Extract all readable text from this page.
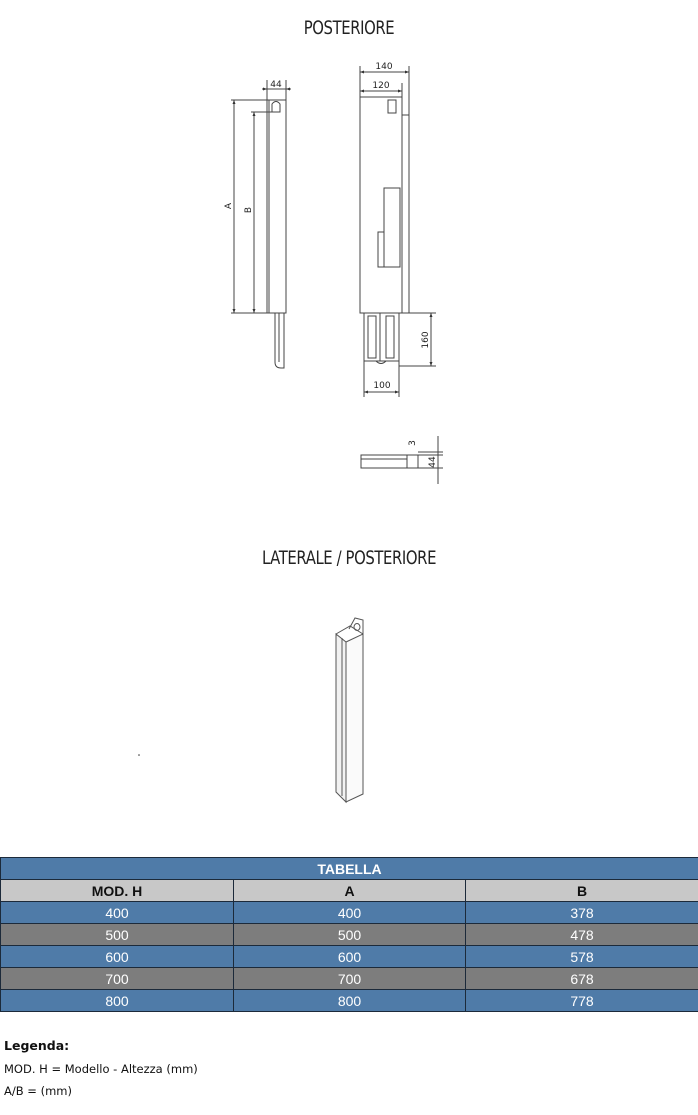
POSTERIORE
44
A
B
140
120
160
100
3
44
LATERALE / POSTERIORE
TABELLA		
MOD. H	A	B
400	400	378
500	500	478
600	600	578
700	700	678
800	800	778
Legenda:
MOD. H = Modello - Altezza (mm)
A/B = (mm)
